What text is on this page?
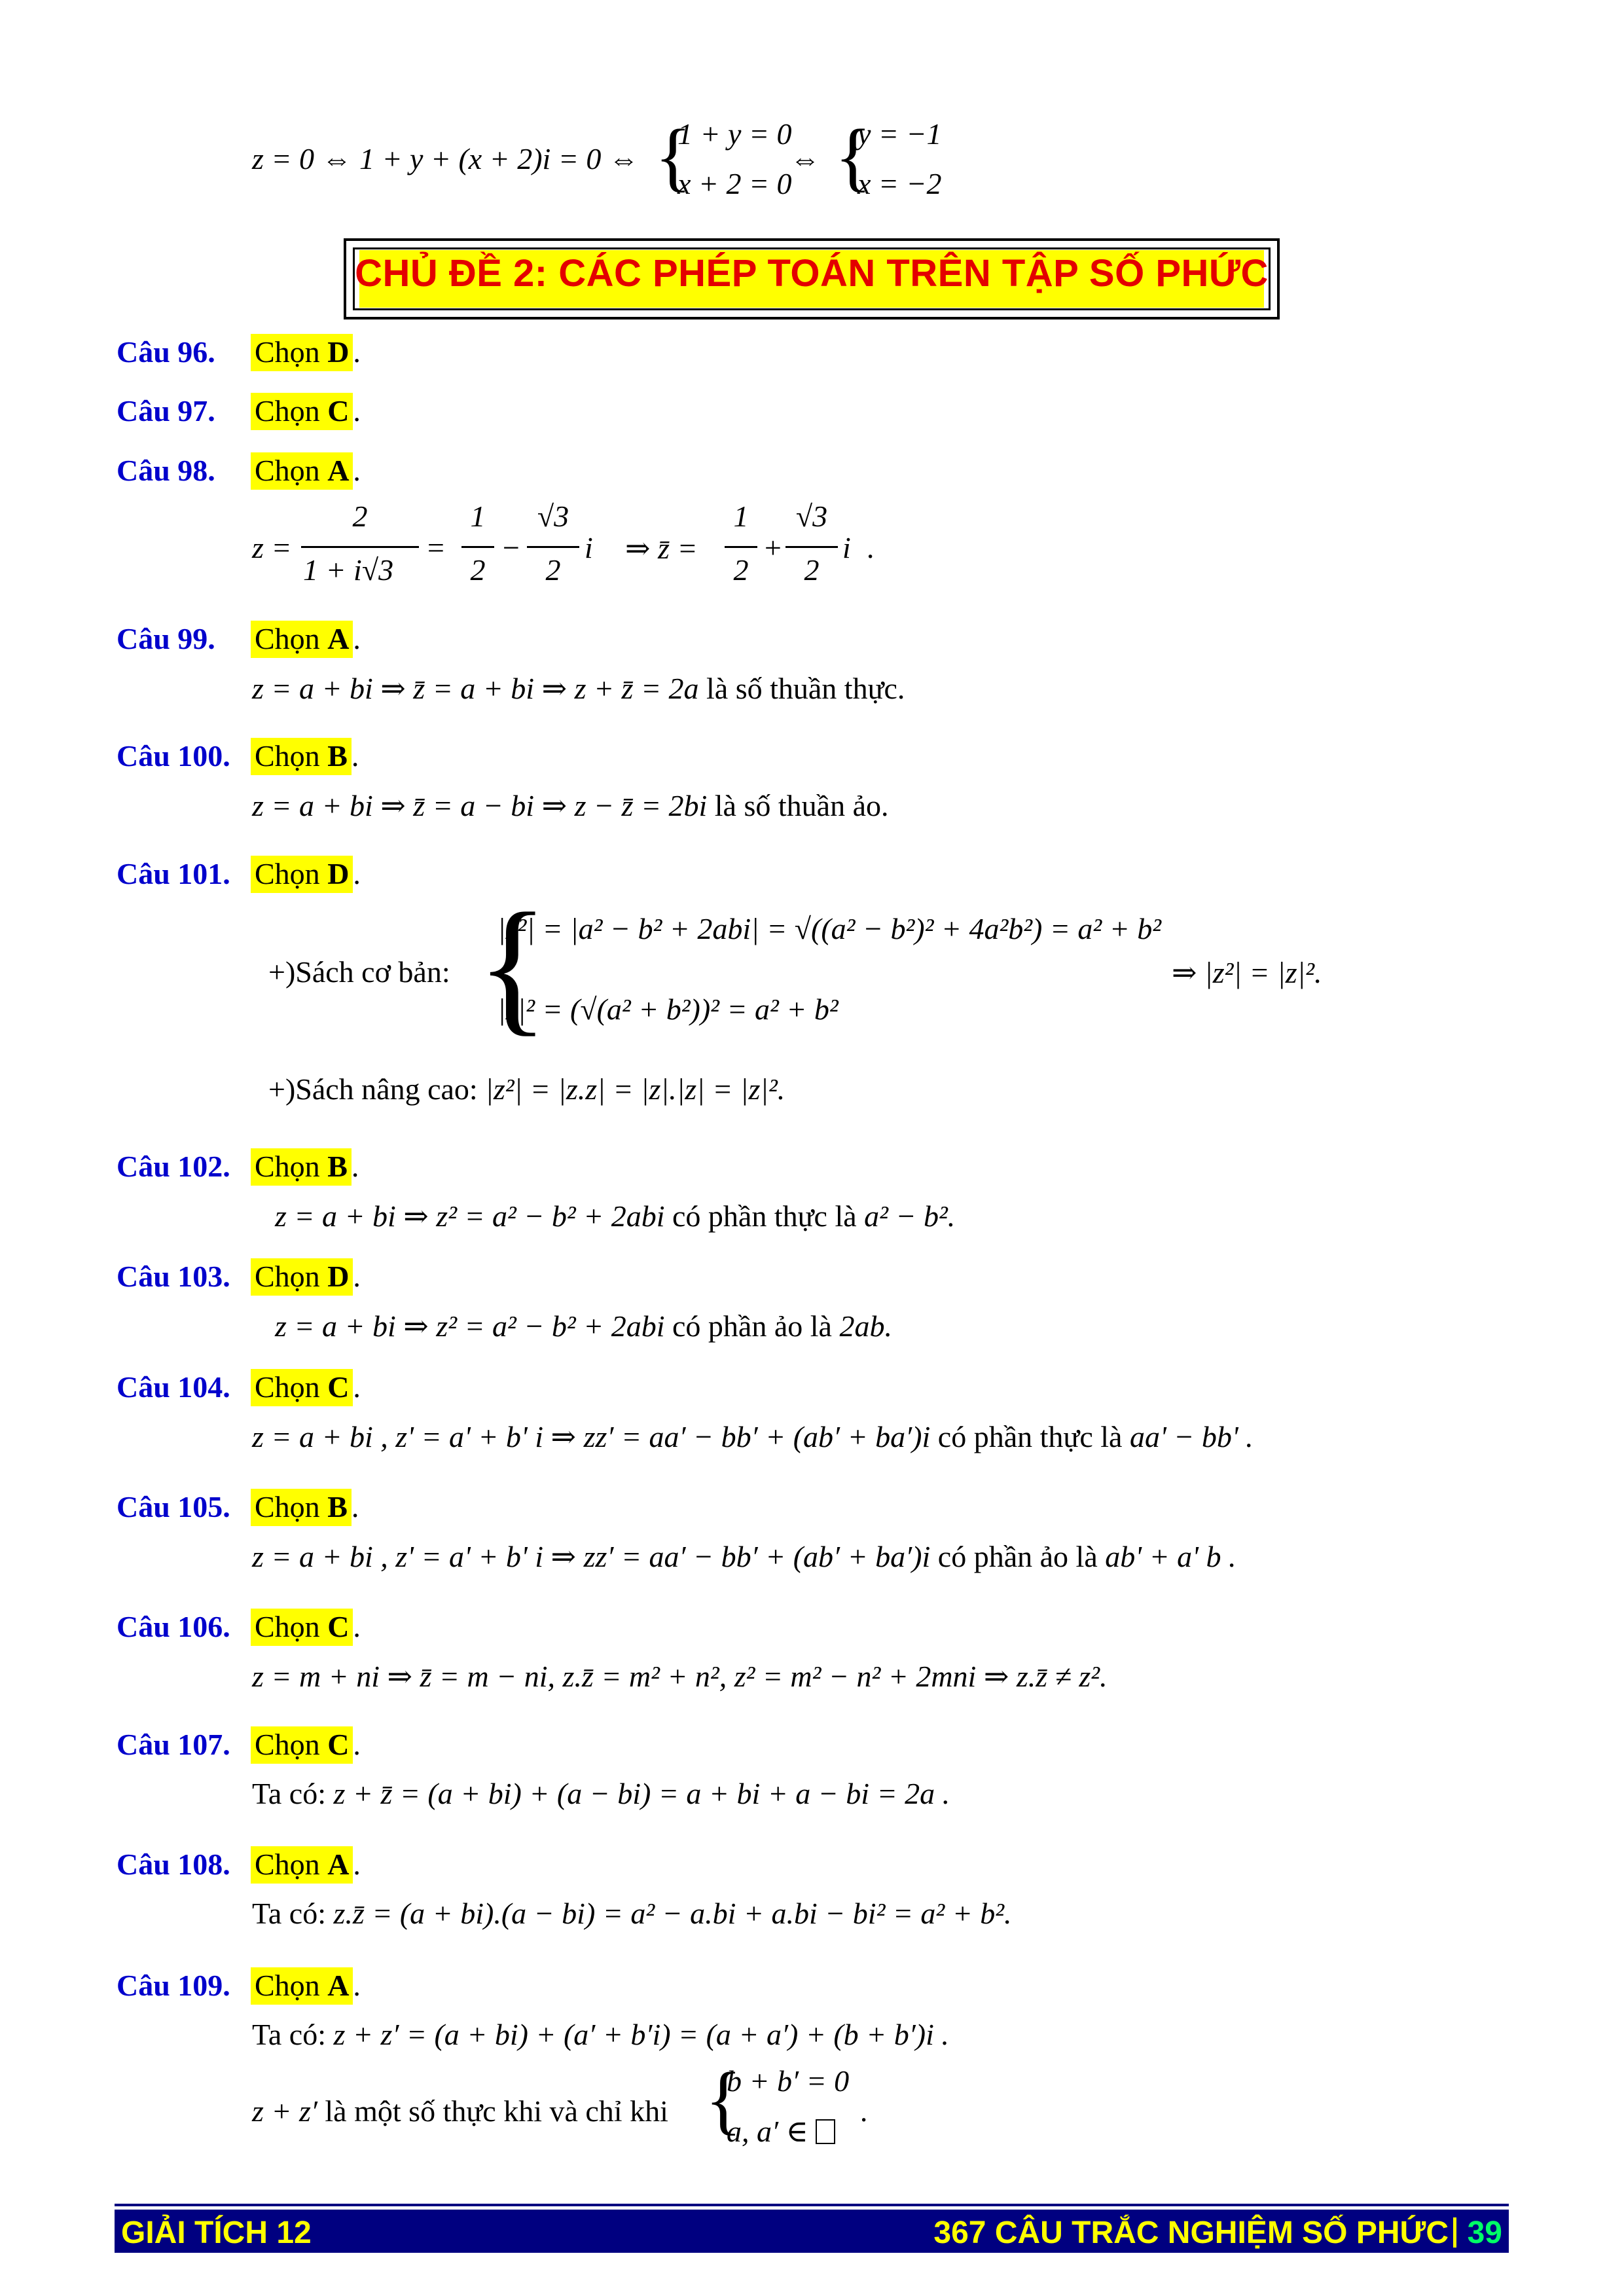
z = 0 ⇔ 1 + y + (x + 2)i = 0 ⇔ {
1 + y = 0
x + 2 = 0
⇔ {
y = −1
x = −2
CHỦ ĐỀ 2: CÁC PHÉP TOÁN TRÊN TẬP SỐ PHỨC
Câu 96. Chọn D .
Câu 97. Chọn C .
Câu 98. Chọn A .
z =
2
1 + i√3
=
1
2
−
√3
2
i ⇒ z̄ =
1
2
+
√3
2
i .
Câu 99. Chọn A .
z = a + bi ⇒ z̄ = a + bi ⇒ z + z̄ = 2a là số thuần thực.
Câu 100. Chọn B .
z = a + bi ⇒ z̄ = a − bi ⇒ z − z̄ = 2bi là số thuần ảo.
Câu 101. Chọn D .
+)Sách cơ bản: {
|z²| = |a² − b² + 2abi| = √((a² − b²)² + 4a²b²) = a² + b²
|z|² = (√(a² + b²))² = a² + b²
⇒ |z²| = |z|².
+)Sách nâng cao: |z²| = |z.z| = |z|.|z| = |z|².
Câu 102. Chọn B .
z = a + bi ⇒ z² = a² − b² + 2abi có phần thực là a² − b².
Câu 103. Chọn D .
z = a + bi ⇒ z² = a² − b² + 2abi có phần ảo là 2ab.
Câu 104. Chọn C .
z = a + bi , z' = a' + b' i ⇒ zz′ = aa′ − bb′ + (ab′ + ba′)i có phần thực là aa' − bb' .
Câu 105. Chọn B .
z = a + bi , z' = a' + b' i ⇒ zz′ = aa′ − bb′ + (ab′ + ba′)i có phần ảo là ab' + a' b .
Câu 106. Chọn C .
z = m + ni ⇒ z̄ = m − ni, z.z̄ = m² + n², z² = m² − n² + 2mni ⇒ z.z̄ ≠ z².
Câu 107. Chọn C .
Ta có: z + z̄ = (a + bi) + (a − bi) = a + bi + a − bi = 2a .
Câu 108. Chọn A .
Ta có: z.z̄ = (a + bi).(a − bi) = a² − a.bi + a.bi − bi² = a² + b².
Câu 109. Chọn A .
Ta có: z + z′ = (a + bi) + (a′ + b′i) = (a + a′) + (b + b′)i .
z + z′ là một số thực khi và chỉ khi {
b + b′ = 0
a, a′ ∈
.
GIẢI TÍCH 12	367 CÂU TRẮC NGHIỆM SỐ PHỨC 39
